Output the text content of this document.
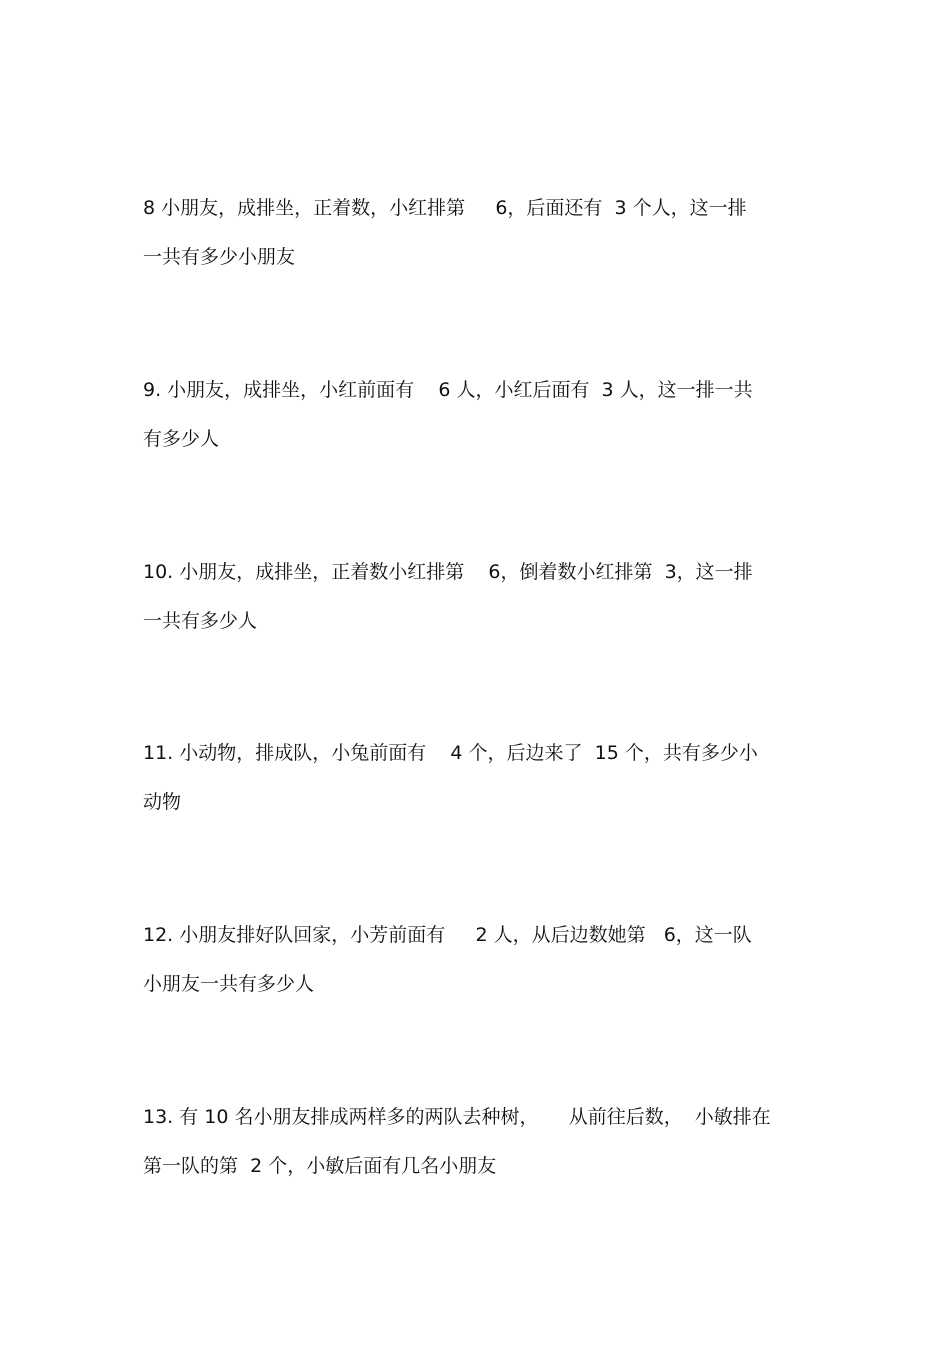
8 小朋友，成排坐，正着数，小红排第     6，后面还有  3 个人，这一排
一共有多少小朋友
9. 小朋友，成排坐，小红前面有    6 人，小红后面有  3 人，这一排一共
有多少人
10. 小朋友，成排坐，正着数小红排第    6，倒着数小红排第  3，这一排
一共有多少人
11. 小动物，排成队，小兔前面有    4 个，后边来了  15 个，共有多少小
动物
12. 小朋友排好队回家，小芳前面有     2 人，从后边数她第   6，这一队
小朋友一共有多少人
13. 有 10 名小朋友排成两样多的两队去种树，     从前往后数，  小敏排在
第一队的第  2 个，小敏后面有几名小朋友
